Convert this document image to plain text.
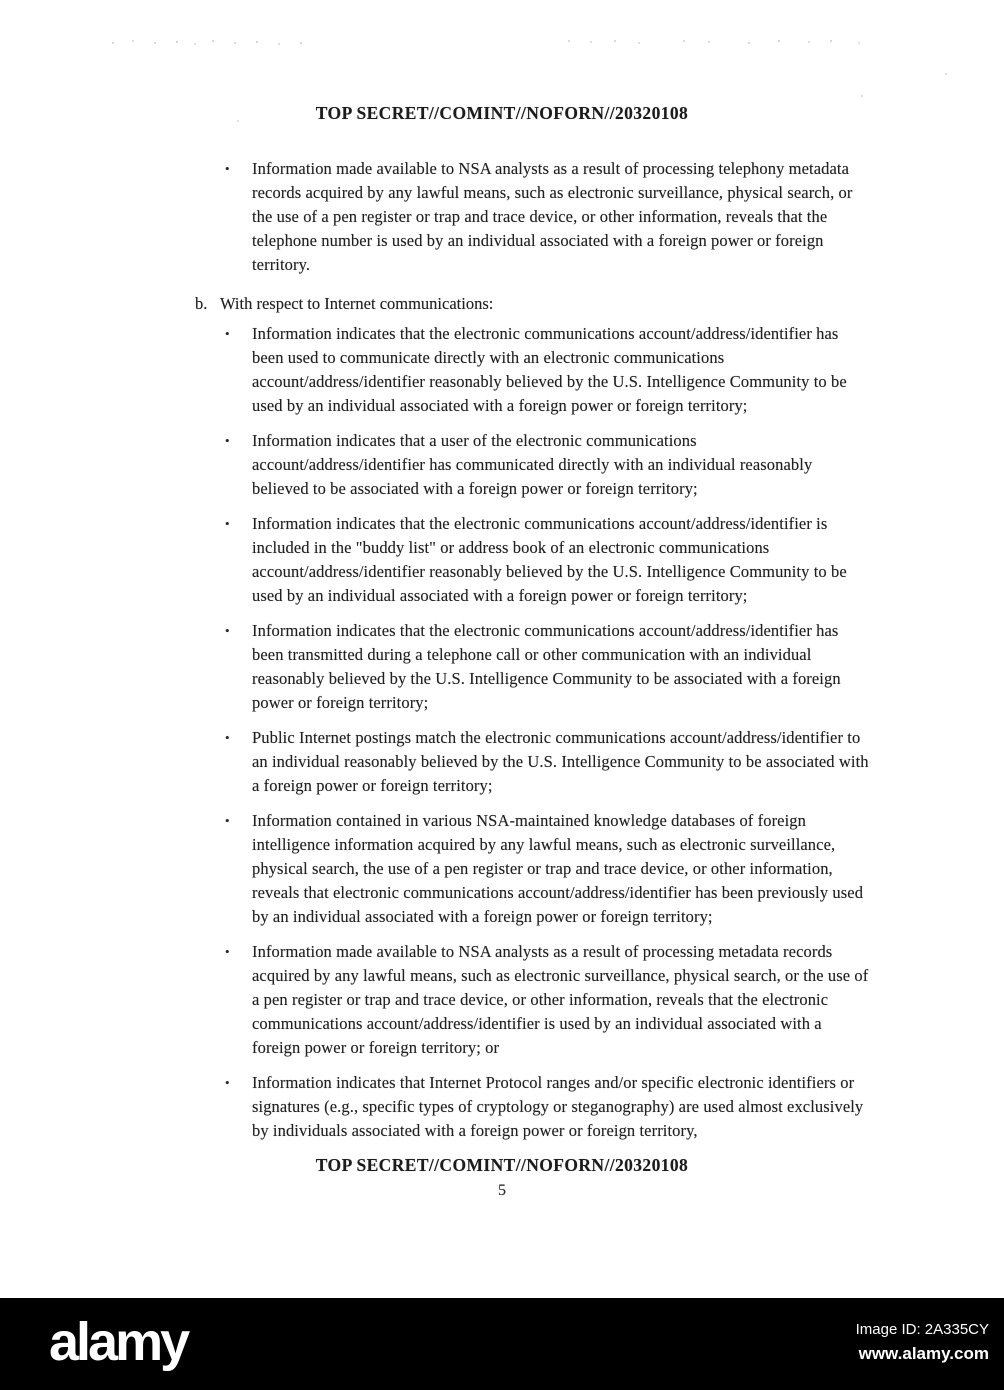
TOP SECRET//COMINT//NOFORN//20320108
•	Information made available to NSA analysts as a result of processing telephony metadata records acquired by any lawful means, such as electronic surveillance, physical search, or the use of a pen register or trap and trace device, or other information, reveals that the telephone number is used by an individual associated with a foreign power or foreign territory.
b. With respect to Internet communications:
•	Information indicates that the electronic communications account/address/identifier has been used to communicate directly with an electronic communications account/address/identifier reasonably believed by the U.S. Intelligence Community to be used by an individual associated with a foreign power or foreign territory;
•	Information indicates that a user of the electronic communications account/address/identifier has communicated directly with an individual reasonably believed to be associated with a foreign power or foreign territory;
•	Information indicates that the electronic communications account/address/identifier is included in the "buddy list" or address book of an electronic communications account/address/identifier reasonably believed by the U.S. Intelligence Community to be used by an individual associated with a foreign power or foreign territory;
•	Information indicates that the electronic communications account/address/identifier has been transmitted during a telephone call or other communication with an individual reasonably believed by the U.S. Intelligence Community to be associated with a foreign power or foreign territory;
•	Public Internet postings match the electronic communications account/address/identifier to an individual reasonably believed by the U.S. Intelligence Community to be associated with a foreign power or foreign territory;
•	Information contained in various NSA-maintained knowledge databases of foreign intelligence information acquired by any lawful means, such as electronic surveillance, physical search, the use of a pen register or trap and trace device, or other information, reveals that electronic communications account/address/identifier has been previously used by an individual associated with a foreign power or foreign territory;
•	Information made available to NSA analysts as a result of processing metadata records acquired by any lawful means, such as electronic surveillance, physical search, or the use of a pen register or trap and trace device, or other information, reveals that the electronic communications account/address/identifier is used by an individual associated with a foreign power or foreign territory; or
•	Information indicates that Internet Protocol ranges and/or specific electronic identifiers or signatures (e.g., specific types of cryptology or steganography) are used almost exclusively by individuals associated with a foreign power or foreign territory,
TOP SECRET//COMINT//NOFORN//20320108
5
alamy	Image ID: 2A335CY
www.alamy.com
